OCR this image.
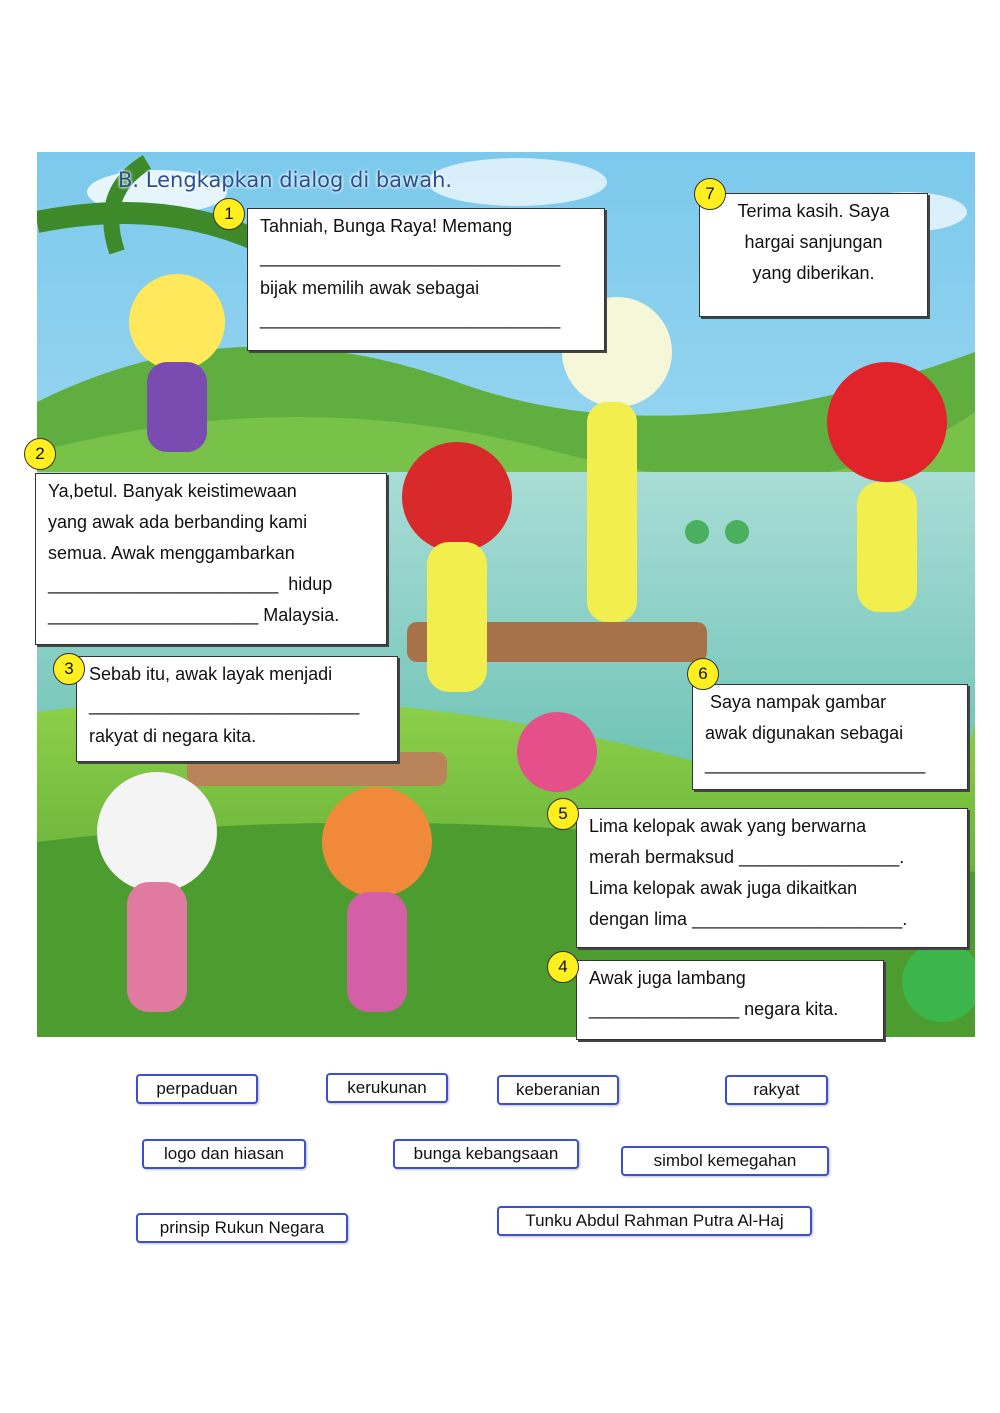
B. Lengkapkan dialog di bawah.

Tahniah, Bunga Raya! Memang

______________________________

bijak memilih awak sebagai

______________________________

1

Ya,betul. Banyak keistimewaan

yang awak ada berbanding kami

semua. Awak menggambarkan

_______________________  hidup

_____________________ Malaysia.

2

Sebab itu, awak layak menjadi

___________________________

rakyat di negara kita.

3

Awak juga lambang

_______________ negara kita.

4

Lima kelopak awak yang berwarna

merah bermaksud ________________.

Lima kelopak awak juga dikaitkan

dengan lima _____________________.

5

Saya nampak gambar

awak digunakan sebagai

______________________

6

Terima kasih. Saya

hargai sanjungan

yang diberikan.

7
perpaduan	kerukunan	keberanian	rakyat
logo dan hiasan	bunga kebangsaan	simbol kemegahan
prinsip Rukun Negara	Tunku Abdul Rahman Putra Al-Haj
